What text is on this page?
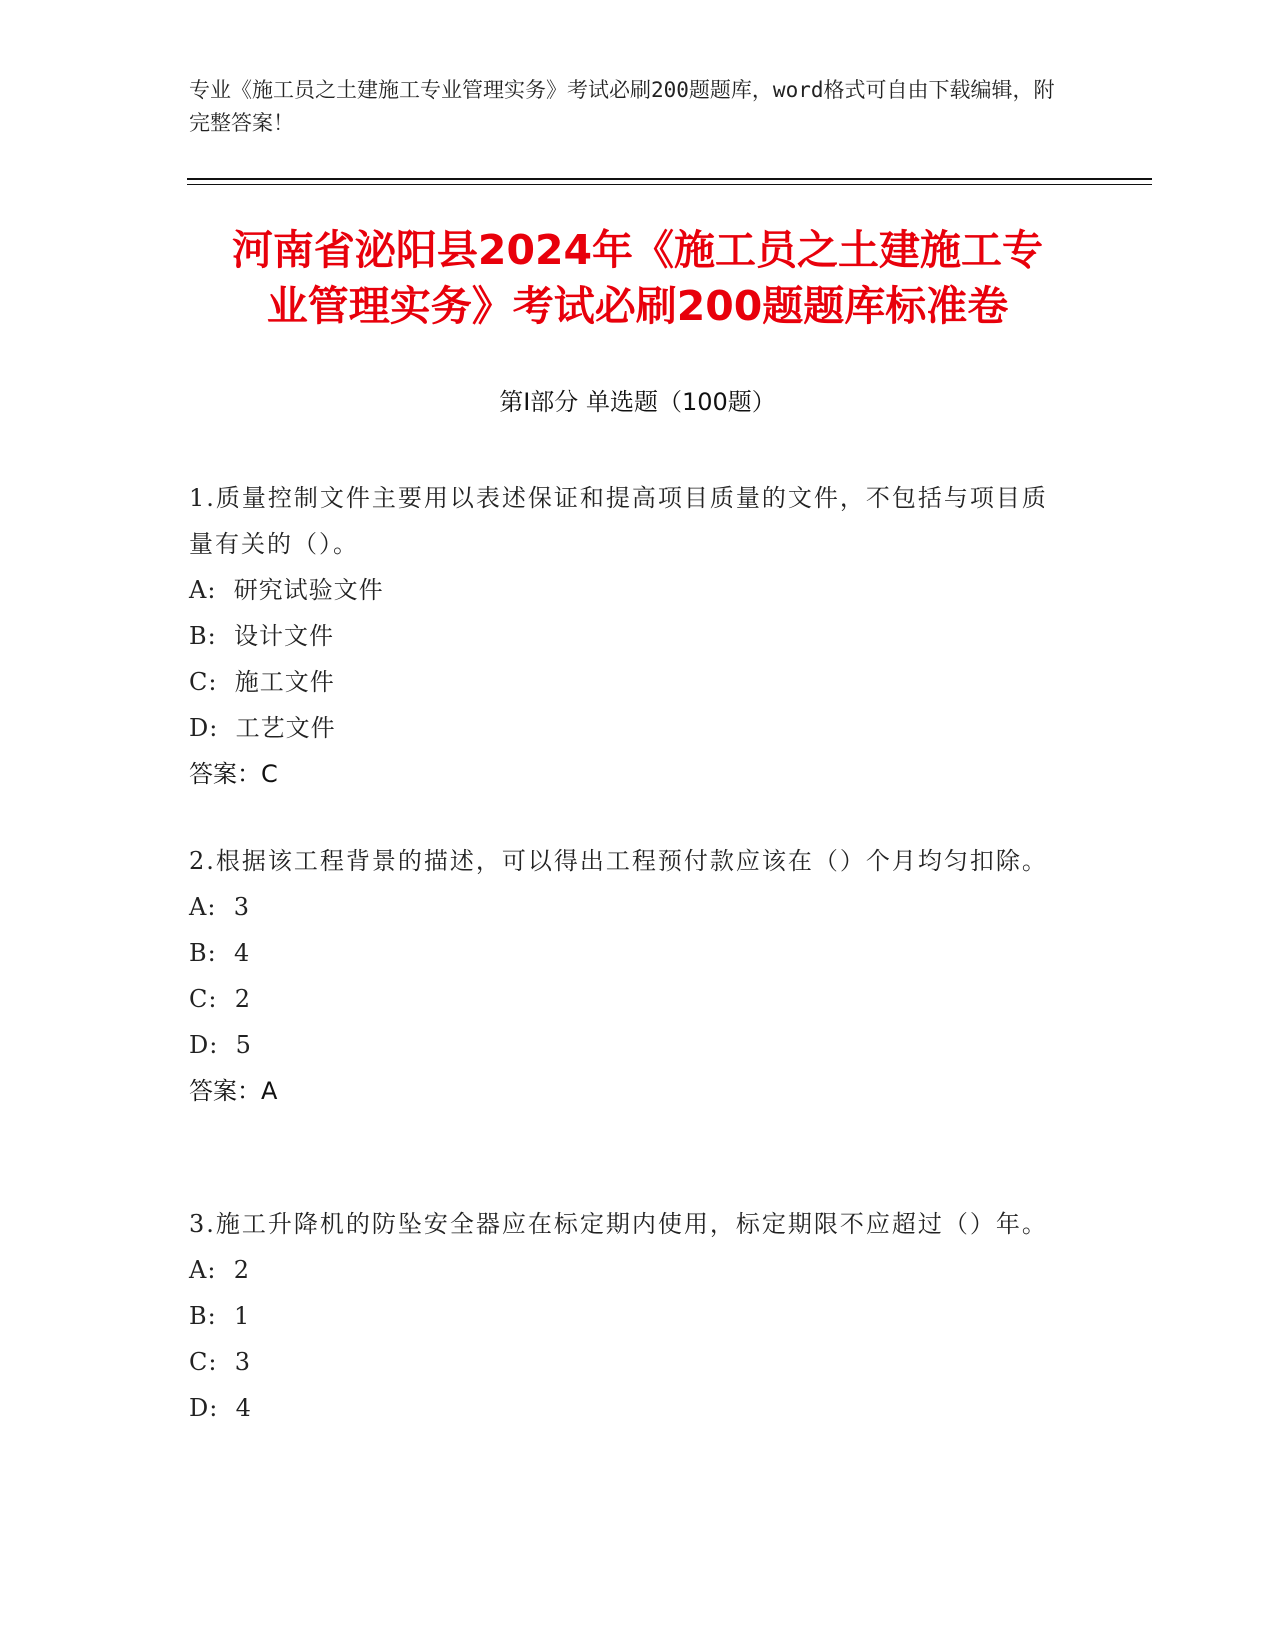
专业《施工员之土建施工专业管理实务》考试必刷200题题库，word格式可自由下载编辑，附完整答案！
河南省泌阳县2024年《施工员之土建施工专
业管理实务》考试必刷200题题库标准卷
第Ⅰ部分 单选题（100题）
1.质量控制文件主要用以表述保证和提高项目质量的文件，不包括与项目质量有关的（）。
A: 研究试验文件
B: 设计文件
C: 施工文件
D: 工艺文件
答案：C
2.根据该工程背景的描述，可以得出工程预付款应该在（）个月均匀扣除。
A: 3
B: 4
C: 2
D: 5
答案：A
3.施工升降机的防坠安全器应在标定期内使用，标定期限不应超过（）年。
A: 2
B: 1
C: 3
D: 4
